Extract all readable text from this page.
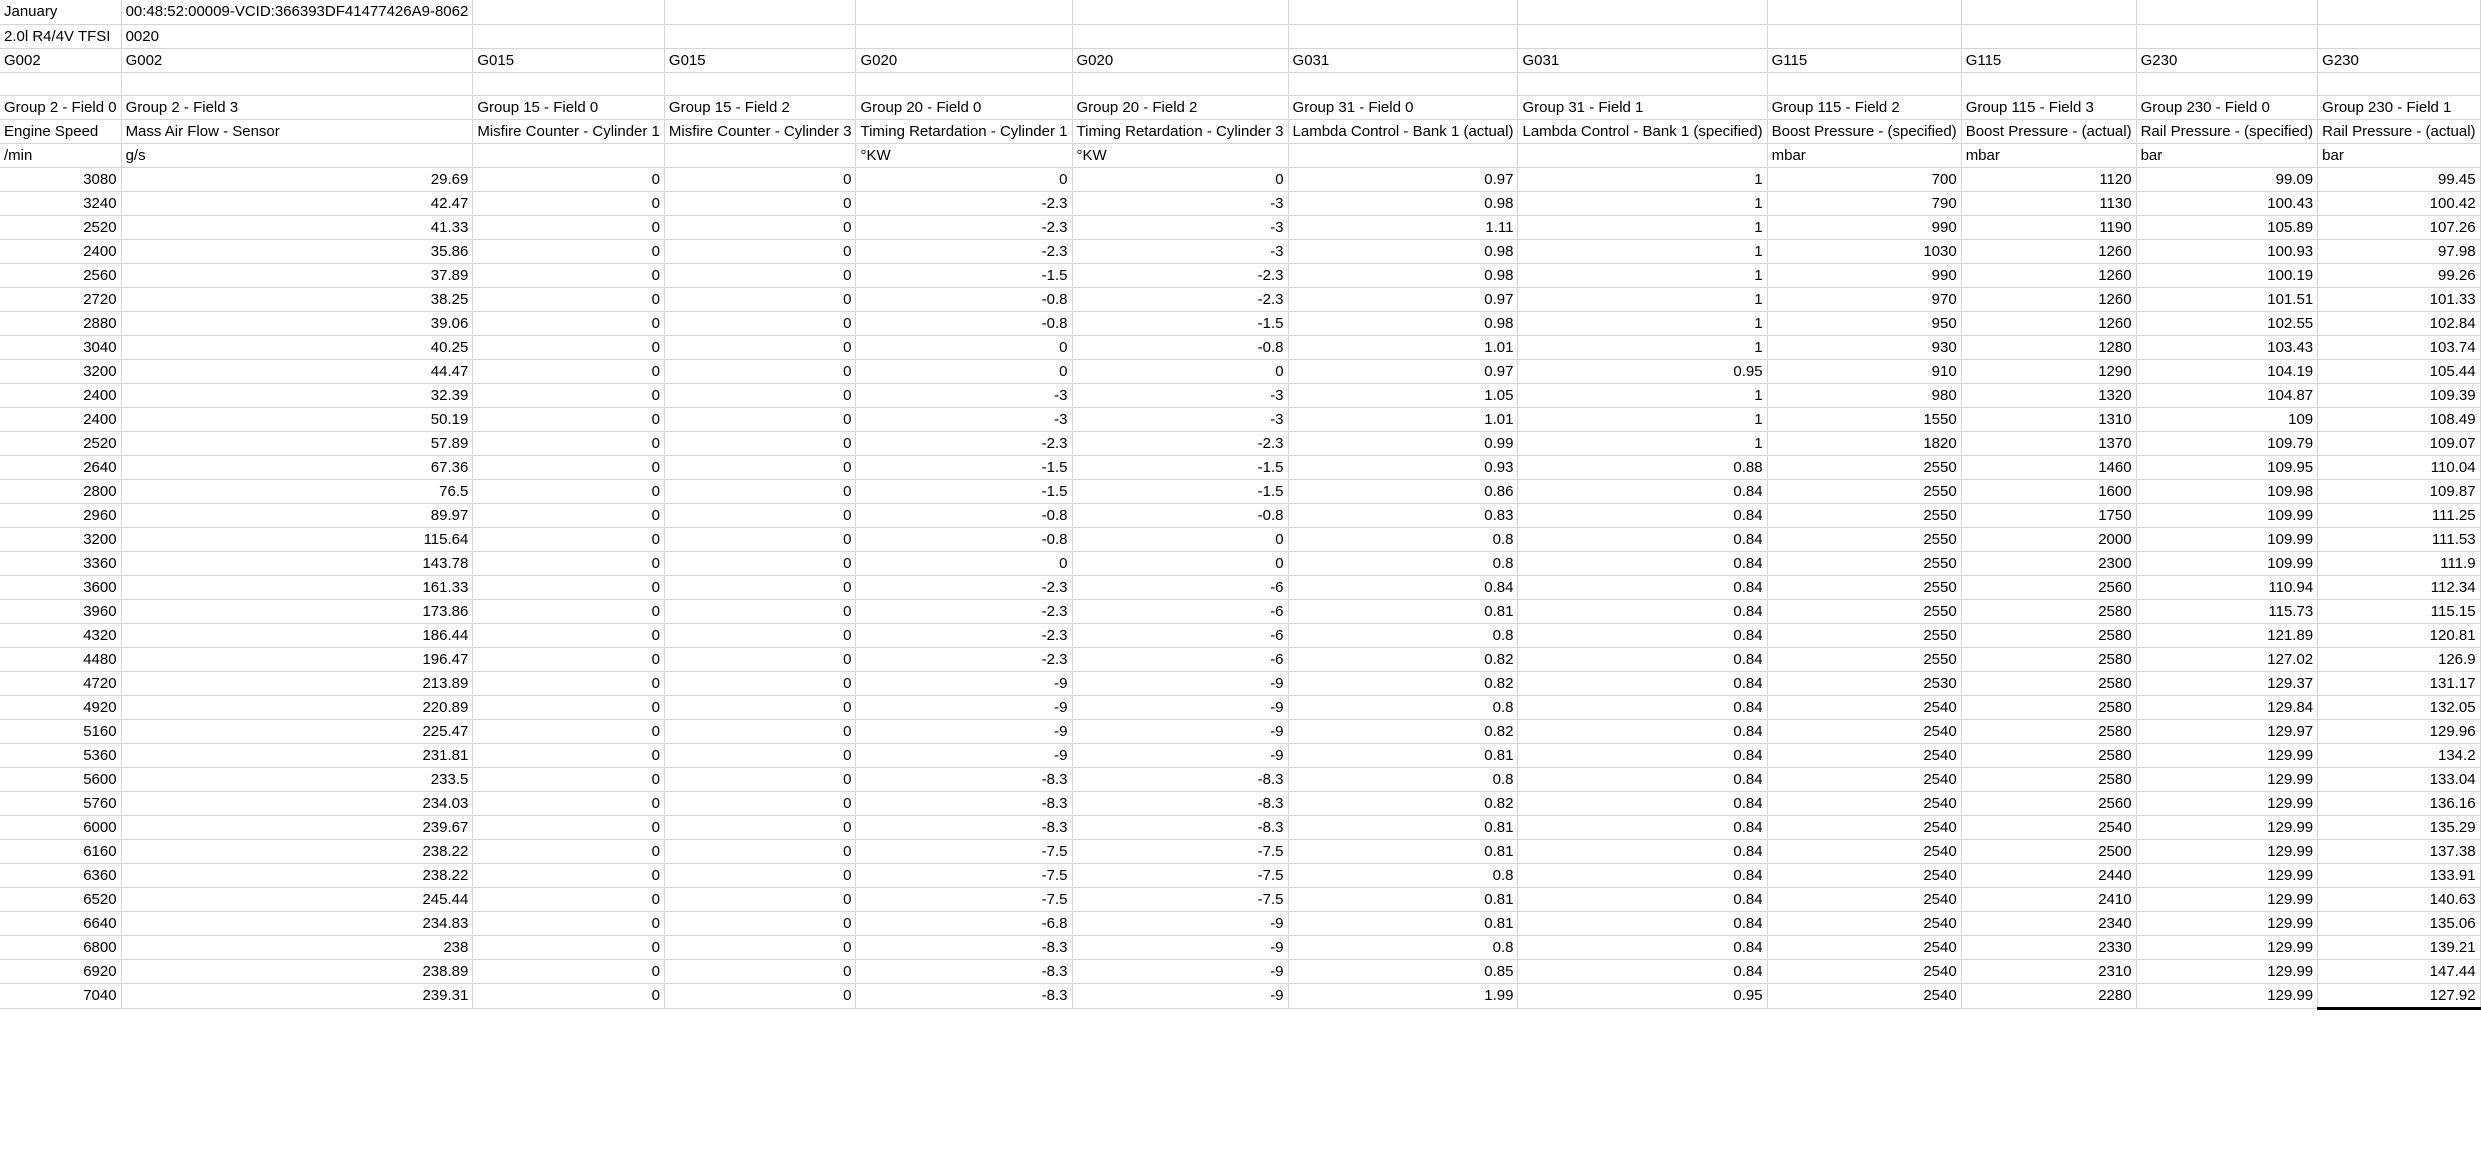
January	00:48:52:00009-VCID:366393DF41477426A9-8062										
2.0l R4/4V TFSI	0020										
G002	G002	G015	G015	G020	G020	G031	G031	G115	G115	G230	G230

Group 2 - Field 0	Group 2 - Field 3	Group 15 - Field 0	Group 15 - Field 2	Group 20 - Field 0	Group 20 - Field 2	Group 31 - Field 0	Group 31 - Field 1	Group 115 - Field 2	Group 115 - Field 3	Group 230 - Field 0	Group 230 - Field 1
Engine Speed	Mass Air Flow - Sensor	Misfire Counter - Cylinder 1	Misfire Counter - Cylinder 3	Timing Retardation - Cylinder 1	Timing Retardation - Cylinder 3	Lambda Control - Bank 1 (actual)	Lambda Control - Bank 1 (specified)	Boost Pressure - (specified)	Boost Pressure - (actual)	Rail Pressure - (specified)	Rail Pressure - (actual)
/min	g/s			°KW	°KW			mbar	mbar	bar	bar
3080	29.69	0	0	0	0	0.97	1	700	1120	99.09	99.45
3240	42.47	0	0	-2.3	-3	0.98	1	790	1130	100.43	100.42
2520	41.33	0	0	-2.3	-3	1.11	1	990	1190	105.89	107.26
2400	35.86	0	0	-2.3	-3	0.98	1	1030	1260	100.93	97.98
2560	37.89	0	0	-1.5	-2.3	0.98	1	990	1260	100.19	99.26
2720	38.25	0	0	-0.8	-2.3	0.97	1	970	1260	101.51	101.33
2880	39.06	0	0	-0.8	-1.5	0.98	1	950	1260	102.55	102.84
3040	40.25	0	0	0	-0.8	1.01	1	930	1280	103.43	103.74
3200	44.47	0	0	0	0	0.97	0.95	910	1290	104.19	105.44
2400	32.39	0	0	-3	-3	1.05	1	980	1320	104.87	109.39
2400	50.19	0	0	-3	-3	1.01	1	1550	1310	109	108.49
2520	57.89	0	0	-2.3	-2.3	0.99	1	1820	1370	109.79	109.07
2640	67.36	0	0	-1.5	-1.5	0.93	0.88	2550	1460	109.95	110.04
2800	76.5	0	0	-1.5	-1.5	0.86	0.84	2550	1600	109.98	109.87
2960	89.97	0	0	-0.8	-0.8	0.83	0.84	2550	1750	109.99	111.25
3200	115.64	0	0	-0.8	0	0.8	0.84	2550	2000	109.99	111.53
3360	143.78	0	0	0	0	0.8	0.84	2550	2300	109.99	111.9
3600	161.33	0	0	-2.3	-6	0.84	0.84	2550	2560	110.94	112.34
3960	173.86	0	0	-2.3	-6	0.81	0.84	2550	2580	115.73	115.15
4320	186.44	0	0	-2.3	-6	0.8	0.84	2550	2580	121.89	120.81
4480	196.47	0	0	-2.3	-6	0.82	0.84	2550	2580	127.02	126.9
4720	213.89	0	0	-9	-9	0.82	0.84	2530	2580	129.37	131.17
4920	220.89	0	0	-9	-9	0.8	0.84	2540	2580	129.84	132.05
5160	225.47	0	0	-9	-9	0.82	0.84	2540	2580	129.97	129.96
5360	231.81	0	0	-9	-9	0.81	0.84	2540	2580	129.99	134.2
5600	233.5	0	0	-8.3	-8.3	0.8	0.84	2540	2580	129.99	133.04
5760	234.03	0	0	-8.3	-8.3	0.82	0.84	2540	2560	129.99	136.16
6000	239.67	0	0	-8.3	-8.3	0.81	0.84	2540	2540	129.99	135.29
6160	238.22	0	0	-7.5	-7.5	0.81	0.84	2540	2500	129.99	137.38
6360	238.22	0	0	-7.5	-7.5	0.8	0.84	2540	2440	129.99	133.91
6520	245.44	0	0	-7.5	-7.5	0.81	0.84	2540	2410	129.99	140.63
6640	234.83	0	0	-6.8	-9	0.81	0.84	2540	2340	129.99	135.06
6800	238	0	0	-8.3	-9	0.8	0.84	2540	2330	129.99	139.21
6920	238.89	0	0	-8.3	-9	0.85	0.84	2540	2310	129.99	147.44
7040	239.31	0	0	-8.3	-9	1.99	0.95	2540	2280	129.99	127.92
